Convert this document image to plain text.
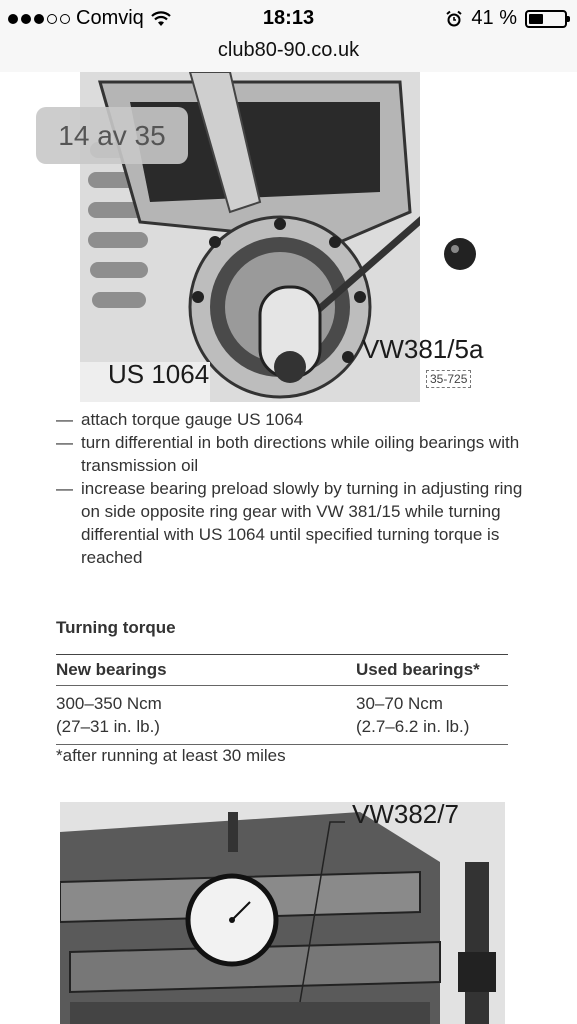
Comviq	18:13	41 %
club80-90.co.uk
US 1064
VW381/5a
35-725
14 av 35
— attach torque gauge US 1064
— turn differential in both directions while oiling bearings with transmission oil
— increase bearing preload slowly by turning in adjusting ring on side opposite ring gear with VW 381/15 while turning differential with US 1064 until specified turning torque is reached
Turning torque
New bearings	Used bearings*
300–350 Ncm	30–70 Ncm
(27–31 in. lb.)	(2.7–6.2 in. lb.)
*after running at least 30 miles
VW382/7
